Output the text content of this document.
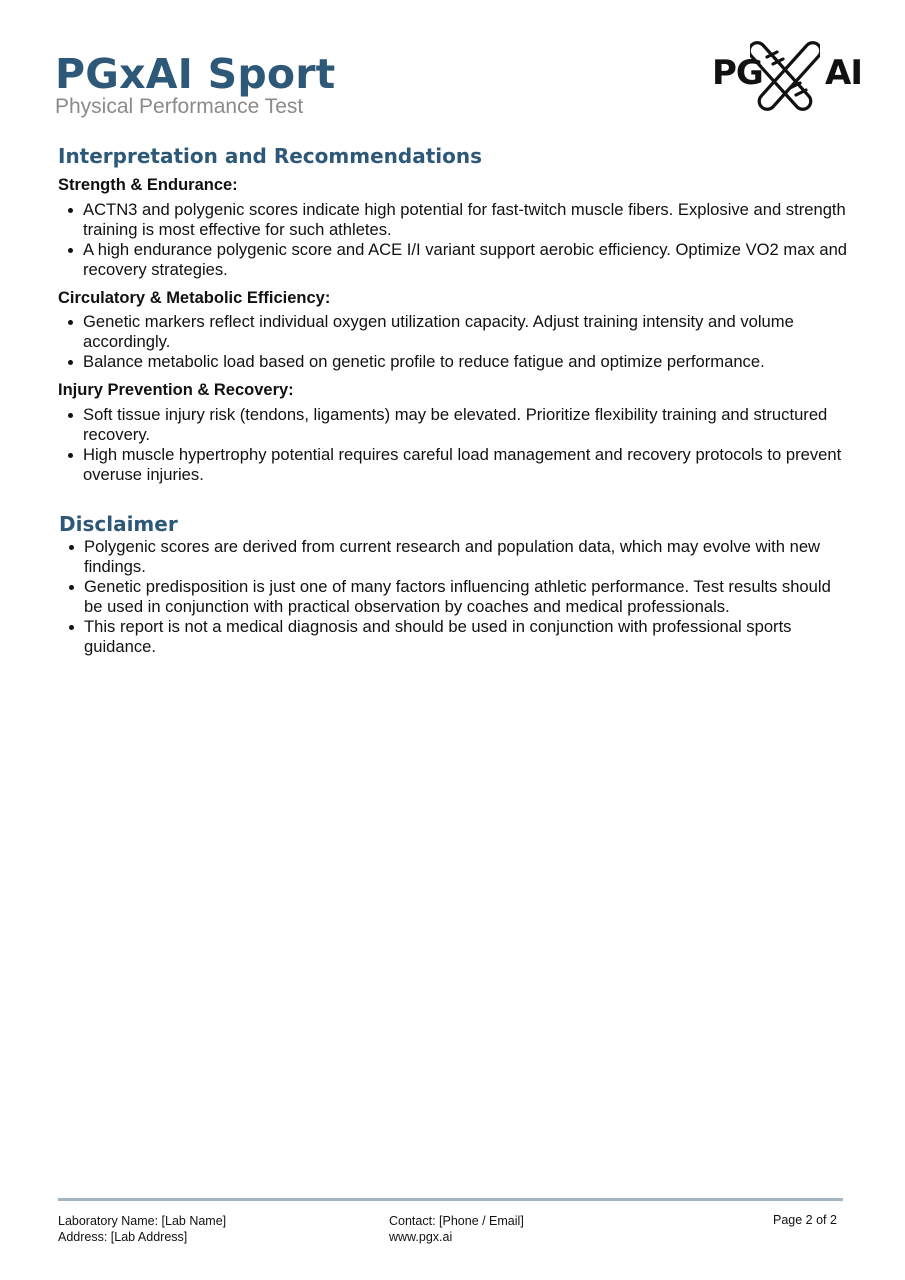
PGxAI Sport
Physical Performance Test
PG AI
Interpretation and Recommendations
Strength & Endurance:
ACTN3 and polygenic scores indicate high potential for fast-twitch muscle fibers. Explosive and strength training is most effective for such athletes.
A high endurance polygenic score and ACE I/I variant support aerobic efficiency. Optimize VO2 max and recovery strategies.
Circulatory & Metabolic Efficiency:
Genetic markers reflect individual oxygen utilization capacity. Adjust training intensity and volume accordingly.
Balance metabolic load based on genetic profile to reduce fatigue and optimize performance.
Injury Prevention & Recovery:
Soft tissue injury risk (tendons, ligaments) may be elevated. Prioritize flexibility training and structured recovery.
High muscle hypertrophy potential requires careful load management and recovery protocols to prevent overuse injuries.
Disclaimer
Polygenic scores are derived from current research and population data, which may evolve with new findings.
Genetic predisposition is just one of many factors influencing athletic performance. Test results should be used in conjunction with practical observation by coaches and medical professionals.
This report is not a medical diagnosis and should be used in conjunction with professional sports guidance.
Laboratory Name: [Lab Name]
Address: [Lab Address]
Contact: [Phone / Email]
www.pgx.ai
Page 2 of 2
